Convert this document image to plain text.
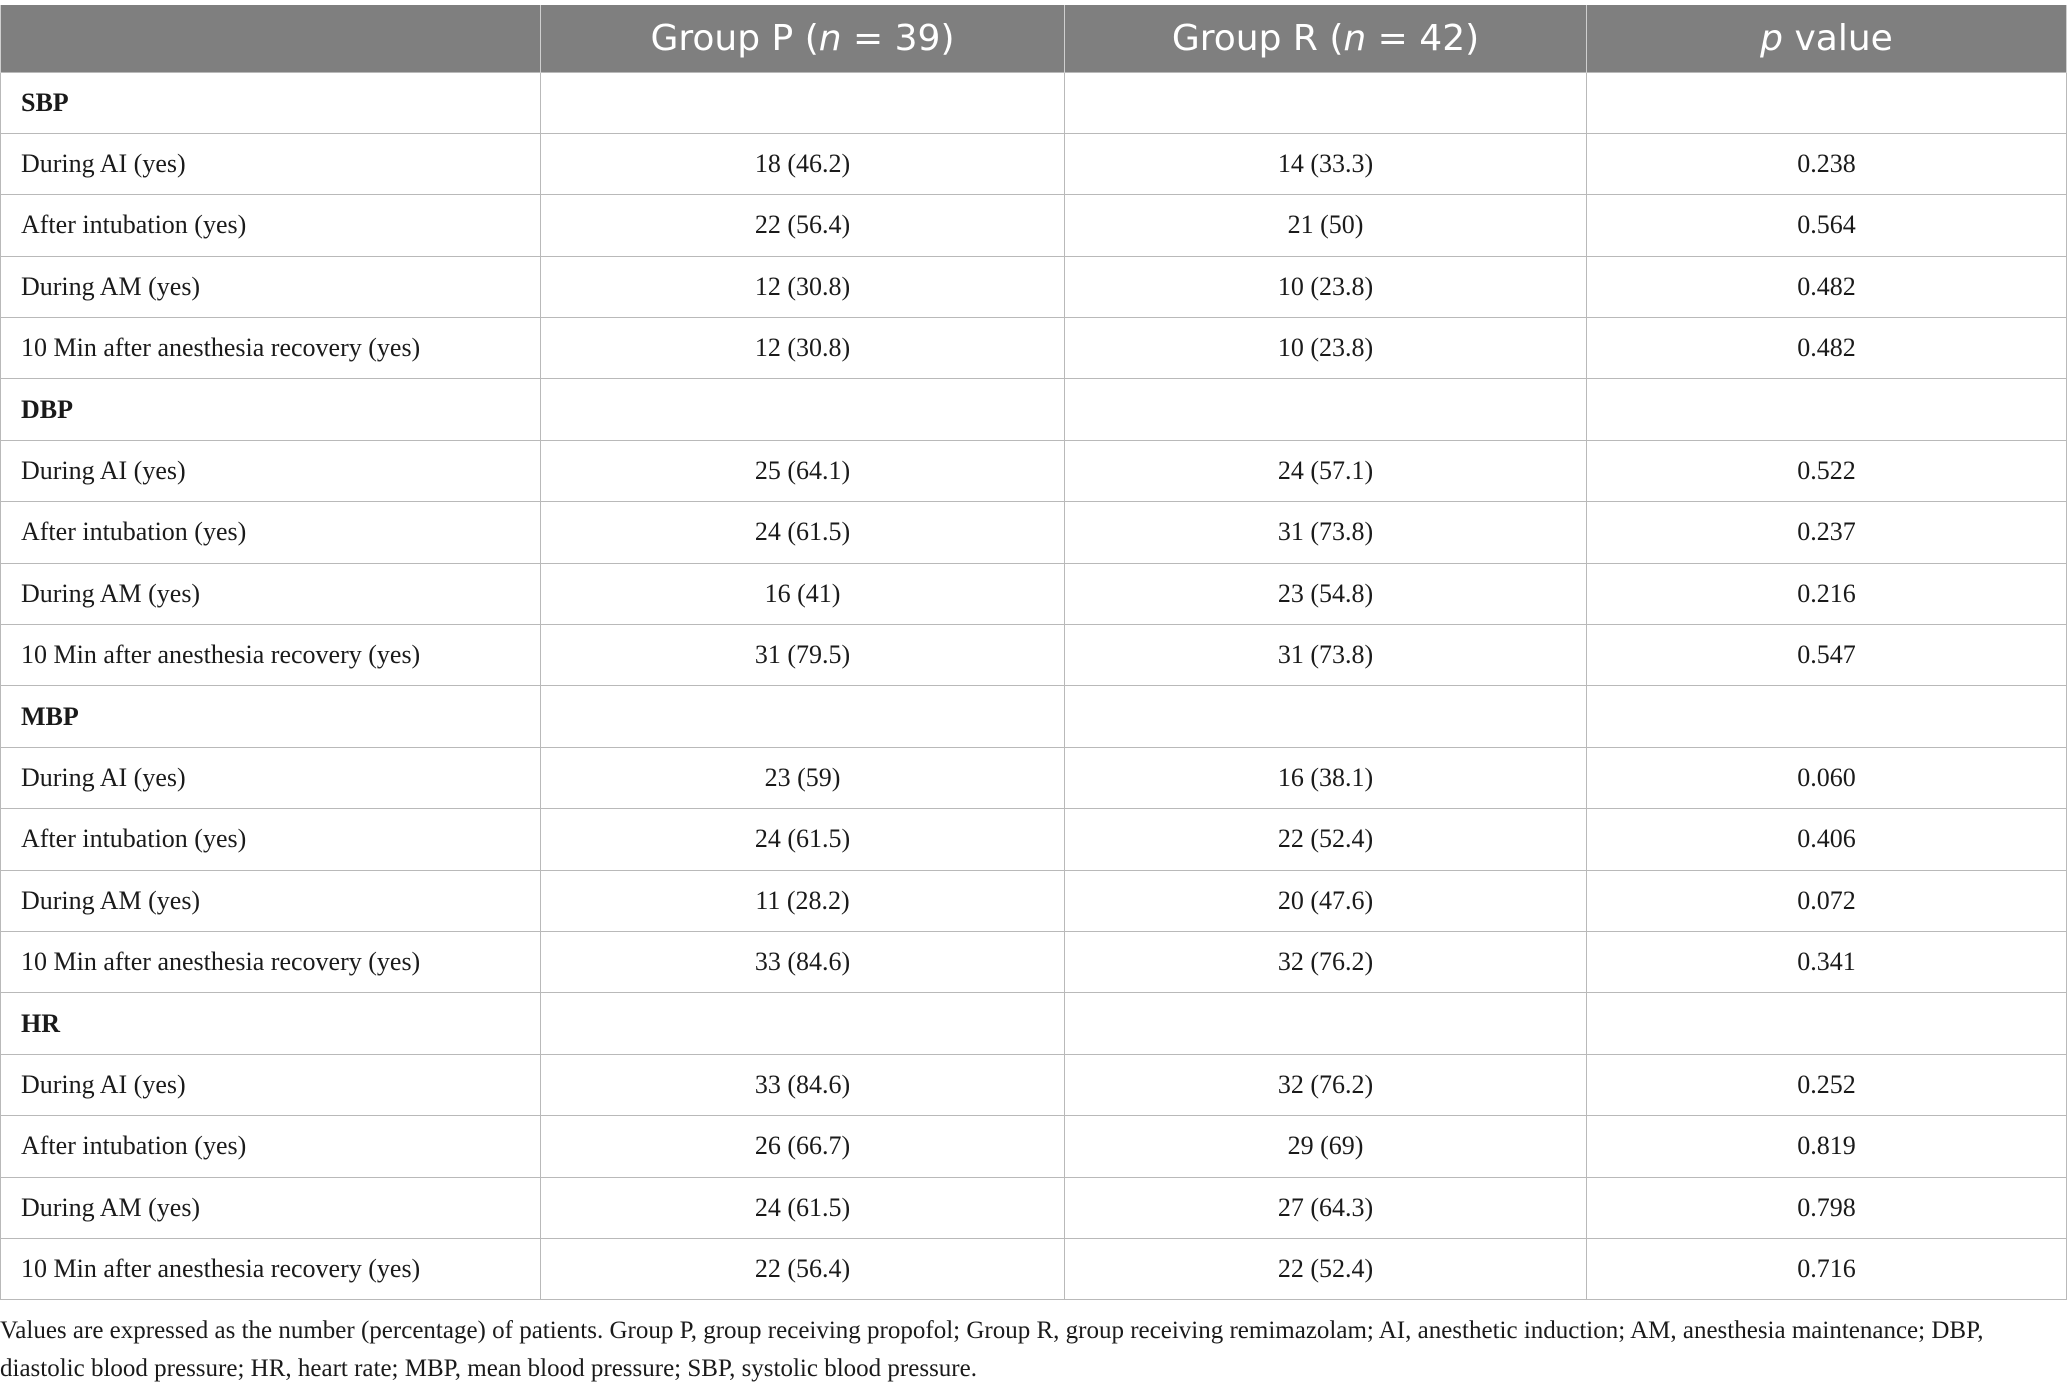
	Group P (n = 39)	Group R (n = 42)	p value
SBP			
During AI (yes)	18 (46.2)	14 (33.3)	0.238
After intubation (yes)	22 (56.4)	21 (50)	0.564
During AM (yes)	12 (30.8)	10 (23.8)	0.482
10 Min after anesthesia recovery (yes)	12 (30.8)	10 (23.8)	0.482
DBP			
During AI (yes)	25 (64.1)	24 (57.1)	0.522
After intubation (yes)	24 (61.5)	31 (73.8)	0.237
During AM (yes)	16 (41)	23 (54.8)	0.216
10 Min after anesthesia recovery (yes)	31 (79.5)	31 (73.8)	0.547
MBP			
During AI (yes)	23 (59)	16 (38.1)	0.060
After intubation (yes)	24 (61.5)	22 (52.4)	0.406
During AM (yes)	11 (28.2)	20 (47.6)	0.072
10 Min after anesthesia recovery (yes)	33 (84.6)	32 (76.2)	0.341
HR			
During AI (yes)	33 (84.6)	32 (76.2)	0.252
After intubation (yes)	26 (66.7)	29 (69)	0.819
During AM (yes)	24 (61.5)	27 (64.3)	0.798
10 Min after anesthesia recovery (yes)	22 (56.4)	22 (52.4)	0.716
Values are expressed as the number (percentage) of patients. Group P, group receiving propofol; Group R, group receiving remimazolam; AI, anesthetic induction; AM, anesthesia maintenance; DBP, diastolic blood pressure; HR, heart rate; MBP, mean blood pressure; SBP, systolic blood pressure.
